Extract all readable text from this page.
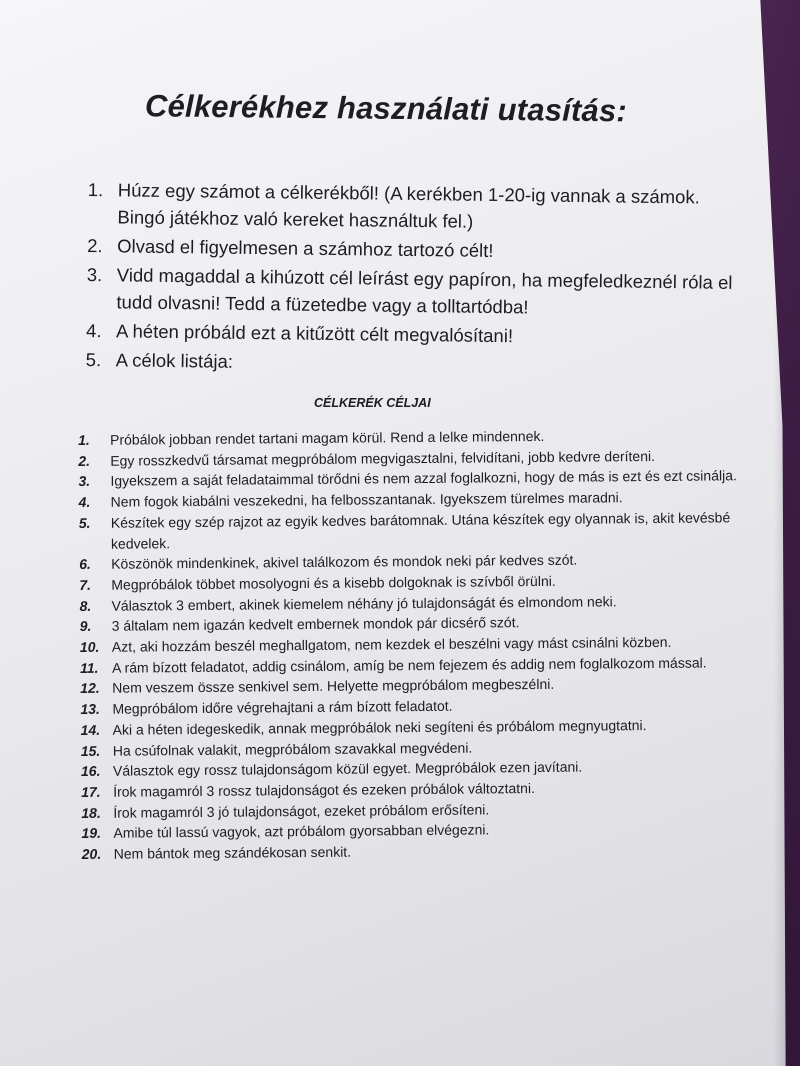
Célkerékhez használati utasítás:
1. Húzz egy számot a célkerékből! (A kerékben 1-20-ig vannak a számok. Bingó játékhoz való kereket használtuk fel.)
2. Olvasd el figyelmesen a számhoz tartozó célt!
3. Vidd magaddal a kihúzott cél leírást egy papíron, ha megfeledkeznél róla el tudd olvasni! Tedd a füzetedbe vagy a tolltartódba!
4. A héten próbáld ezt a kitűzött célt megvalósítani!
5. A célok listája:
CÉLKERÉK CÉLJAI
1.	Próbálok jobban rendet tartani magam körül. Rend a lelke mindennek.
2.	Egy rosszkedvű társamat megpróbálom megvigasztalni, felvidítani, jobb kedvre deríteni.
3.	Igyekszem a saját feladataimmal törődni és nem azzal foglalkozni, hogy de más is ezt és ezt csinálja.
4.	Nem fogok kiabálni veszekedni, ha felbosszantanak. Igyekszem türelmes maradni.
5.	Készítek egy szép rajzot az egyik kedves barátomnak. Utána készítek egy olyannak is, akit kevésbé kedvelek.
6.	Köszönök mindenkinek, akivel találkozom és mondok neki pár kedves szót.
7.	Megpróbálok többet mosolyogni és a kisebb dolgoknak is szívből örülni.
8.	Választok 3 embert, akinek kiemelem néhány jó tulajdonságát és elmondom neki.
9.	3 általam nem igazán kedvelt embernek mondok pár dicsérő szót.
10. Azt, aki hozzám beszél meghallgatom, nem kezdek el beszélni vagy mást csinálni közben.
11. A rám bízott feladatot, addig csinálom, amíg be nem fejezem és addig nem foglalkozom mással.
12. Nem veszem össze senkivel sem. Helyette megpróbálom megbeszélni.
13. Megpróbálom időre végrehajtani a rám bízott feladatot.
14. Aki a héten idegeskedik, annak megpróbálok neki segíteni és próbálom megnyugtatni.
15. Ha csúfolnak valakit, megpróbálom szavakkal megvédeni.
16. Választok egy rossz tulajdonságom közül egyet. Megpróbálok ezen javítani.
17. Írok magamról 3 rossz tulajdonságot és ezeken próbálok változtatni.
18. Írok magamról 3 jó tulajdonságot, ezeket próbálom erősíteni.
19. Amibe túl lassú vagyok, azt próbálom gyorsabban elvégezni.
20. Nem bántok meg szándékosan senkit.
